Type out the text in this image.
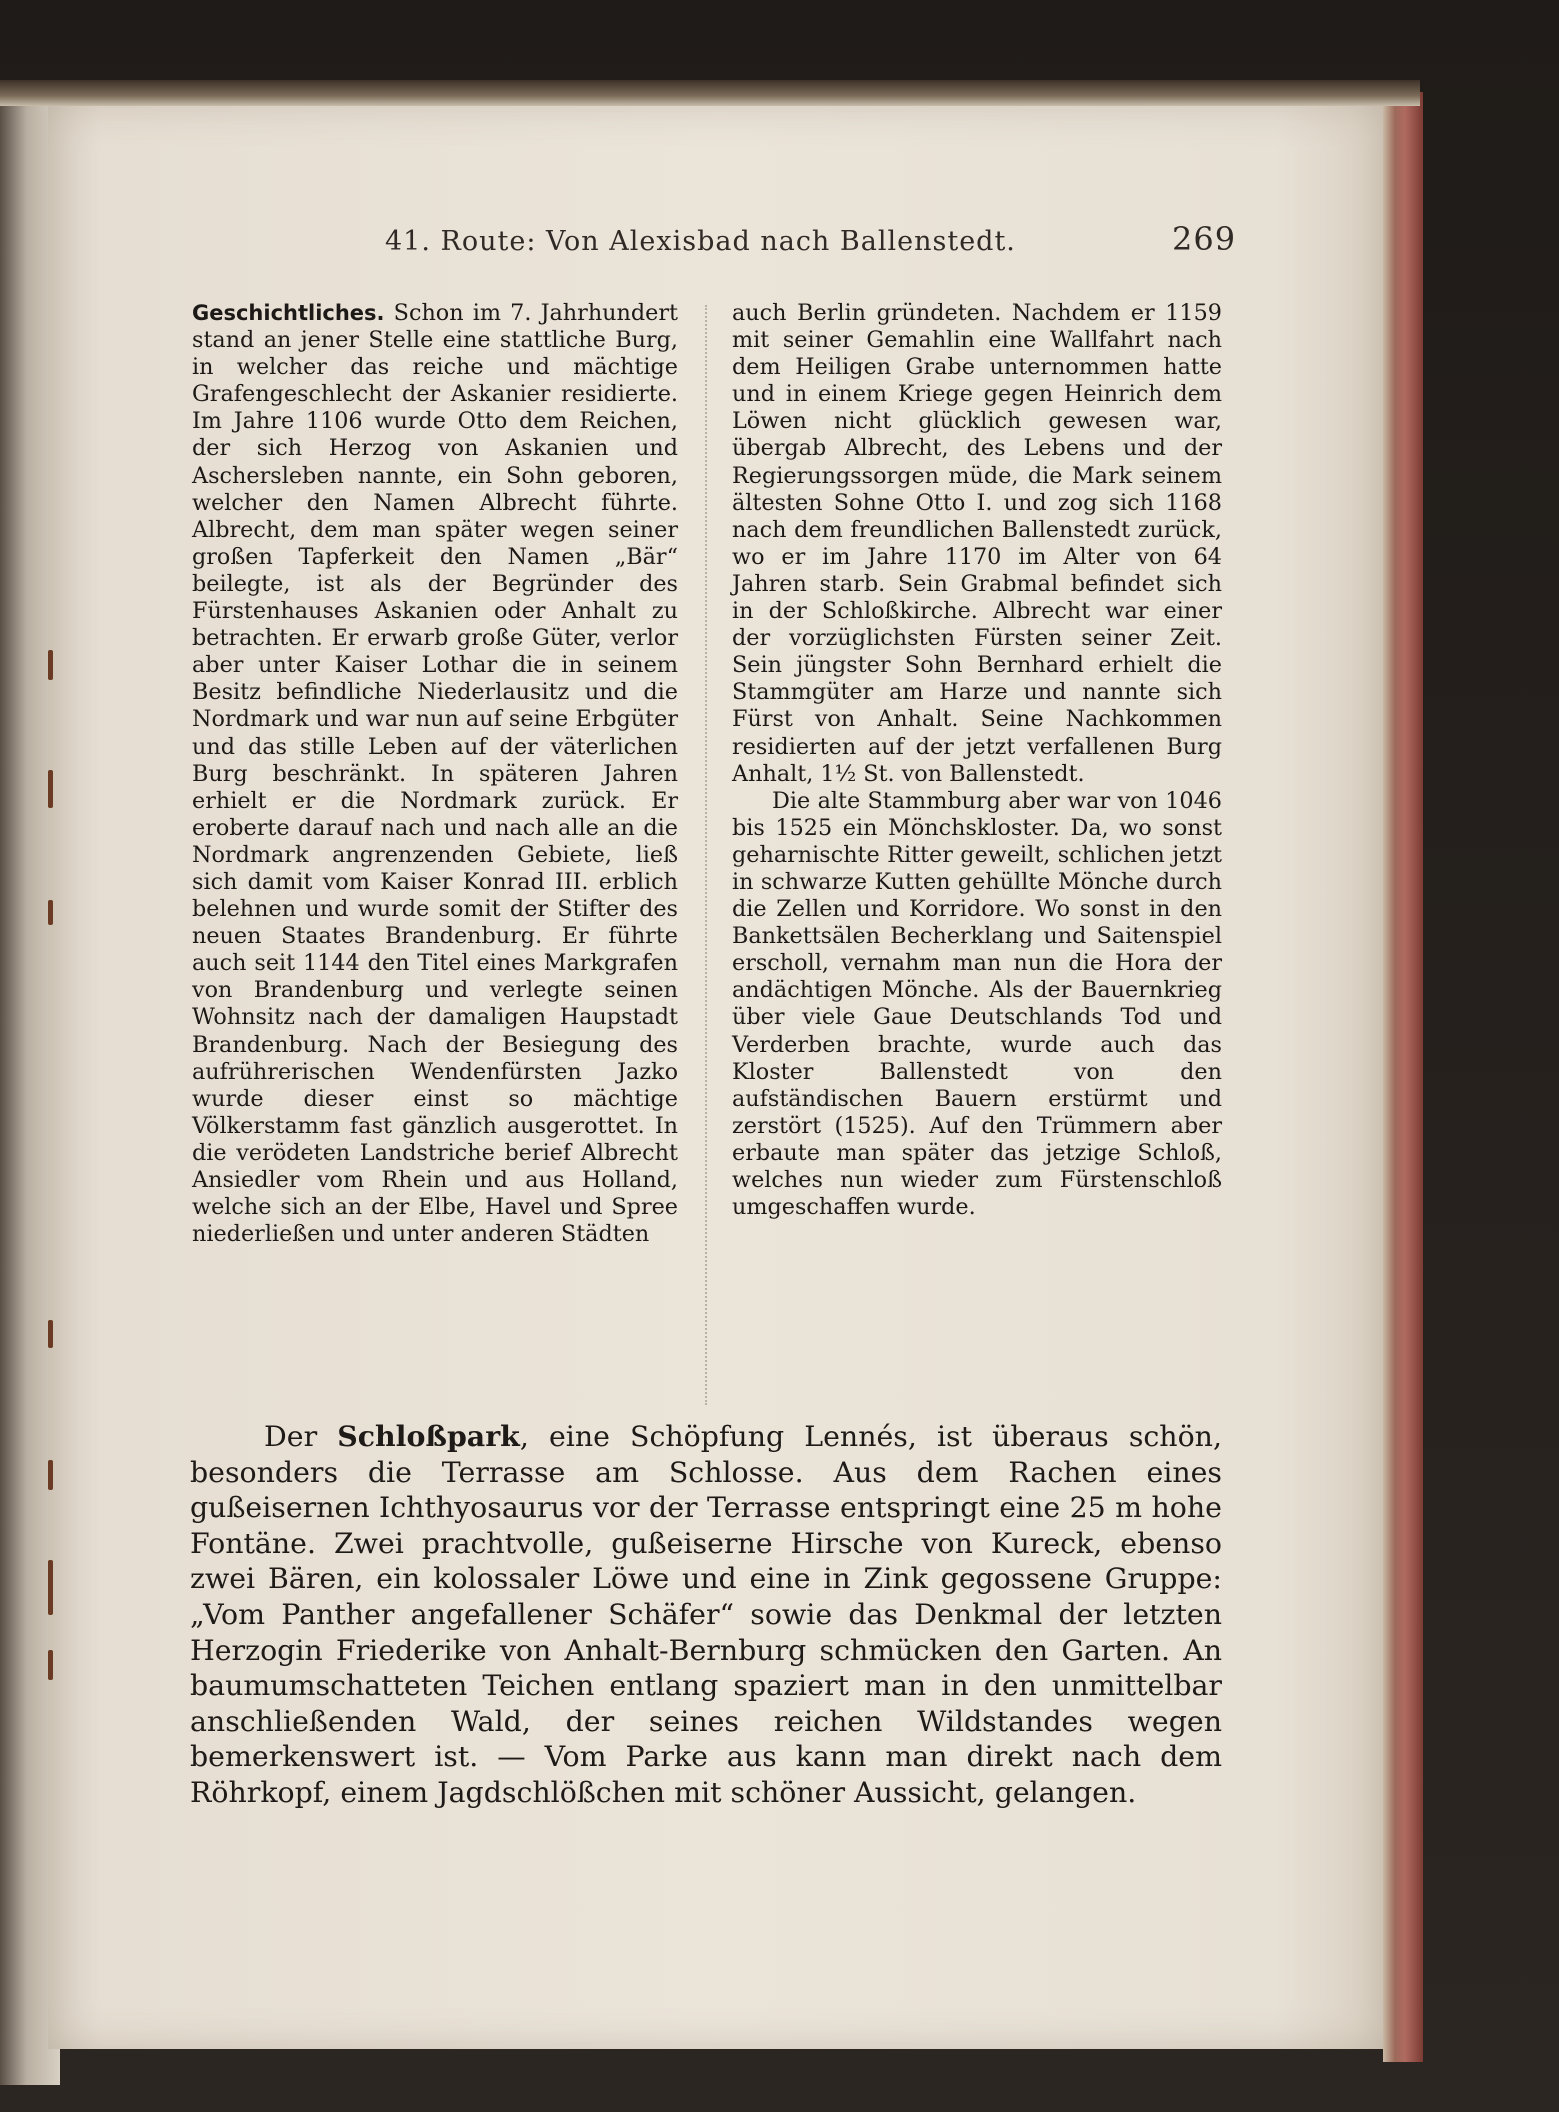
41. Route: Von Alexisbad nach Ballenstedt.	269

Geschichtliches. Schon im 7. Jahrhundert stand an jener Stelle eine stattliche Burg, in welcher das reiche und mächtige Grafengeschlecht der Askanier residierte. Im Jahre 1106 wurde Otto dem Reichen, der sich Herzog von Askanien und Aschersleben nannte, ein Sohn geboren, welcher den Namen Albrecht führte. Albrecht, dem man später wegen seiner großen Tapferkeit den Namen „Bär“ beilegte, ist als der Begründer des Fürstenhauses Askanien oder Anhalt zu betrachten. Er erwarb große Güter, verlor aber unter Kaiser Lothar die in seinem Besitz befindliche Niederlausitz und die Nordmark und war nun auf seine Erbgüter und das stille Leben auf der väterlichen Burg beschränkt. In späteren Jahren erhielt er die Nordmark zurück. Er eroberte darauf nach und nach alle an die Nordmark angrenzenden Gebiete, ließ sich damit vom Kaiser Konrad III. erblich belehnen und wurde somit der Stifter des neuen Staates Brandenburg. Er führte auch seit 1144 den Titel eines Markgrafen von Brandenburg und verlegte seinen Wohnsitz nach der damaligen Haupstadt Brandenburg. Nach der Besiegung des aufrührerischen Wendenfürsten Jazko wurde dieser einst so mächtige Völkerstamm fast gänzlich ausgerottet. In die verödeten Landstriche berief Albrecht Ansiedler vom Rhein und aus Holland, welche sich an der Elbe, Havel und Spree niederließen und unter anderen Städten

auch Berlin gründeten. Nachdem er 1159 mit seiner Gemahlin eine Wallfahrt nach dem Heiligen Grabe unternommen hatte und in einem Kriege gegen Heinrich dem Löwen nicht glücklich gewesen war, übergab Albrecht, des Lebens und der Regierungssorgen müde, die Mark seinem ältesten Sohne Otto I. und zog sich 1168 nach dem freundlichen Ballenstedt zurück, wo er im Jahre 1170 im Alter von 64 Jahren starb. Sein Grabmal befindet sich in der Schloßkirche. Albrecht war einer der vorzüglichsten Fürsten seiner Zeit. Sein jüngster Sohn Bernhard erhielt die Stammgüter am Harze und nannte sich Fürst von Anhalt. Seine Nachkommen residierten auf der jetzt verfallenen Burg Anhalt, 1½ St. von Ballenstedt.

Die alte Stammburg aber war von 1046 bis 1525 ein Mönchskloster. Da, wo sonst geharnischte Ritter geweilt, schlichen jetzt in schwarze Kutten gehüllte Mönche durch die Zellen und Korridore. Wo sonst in den Bankettsälen Becherklang und Saitenspiel erscholl, vernahm man nun die Hora der andächtigen Mönche. Als der Bauernkrieg über viele Gaue Deutschlands Tod und Verderben brachte, wurde auch das Kloster Ballenstedt von den aufständischen Bauern erstürmt und zerstört (1525). Auf den Trümmern aber erbaute man später das jetzige Schloß, welches nun wieder zum Fürstenschloß umgeschaffen wurde.

Der Schloßpark, eine Schöpfung Lennés, ist überaus schön, besonders die Terrasse am Schlosse. Aus dem Rachen eines gußeisernen Ichthyosaurus vor der Terrasse entspringt eine 25 m hohe Fontäne. Zwei prachtvolle, gußeiserne Hirsche von Kureck, ebenso zwei Bären, ein kolossaler Löwe und eine in Zink gegossene Gruppe: „Vom Panther angefallener Schäfer“ sowie das Denkmal der letzten Herzogin Friederike von Anhalt-Bernburg schmücken den Garten. An baumumschatteten Teichen entlang spaziert man in den unmittelbar anschließenden Wald, der seines reichen Wildstandes wegen bemerkenswert ist. — Vom Parke aus kann man direkt nach dem Röhrkopf, einem Jagdschlößchen mit schöner Aussicht, gelangen.
